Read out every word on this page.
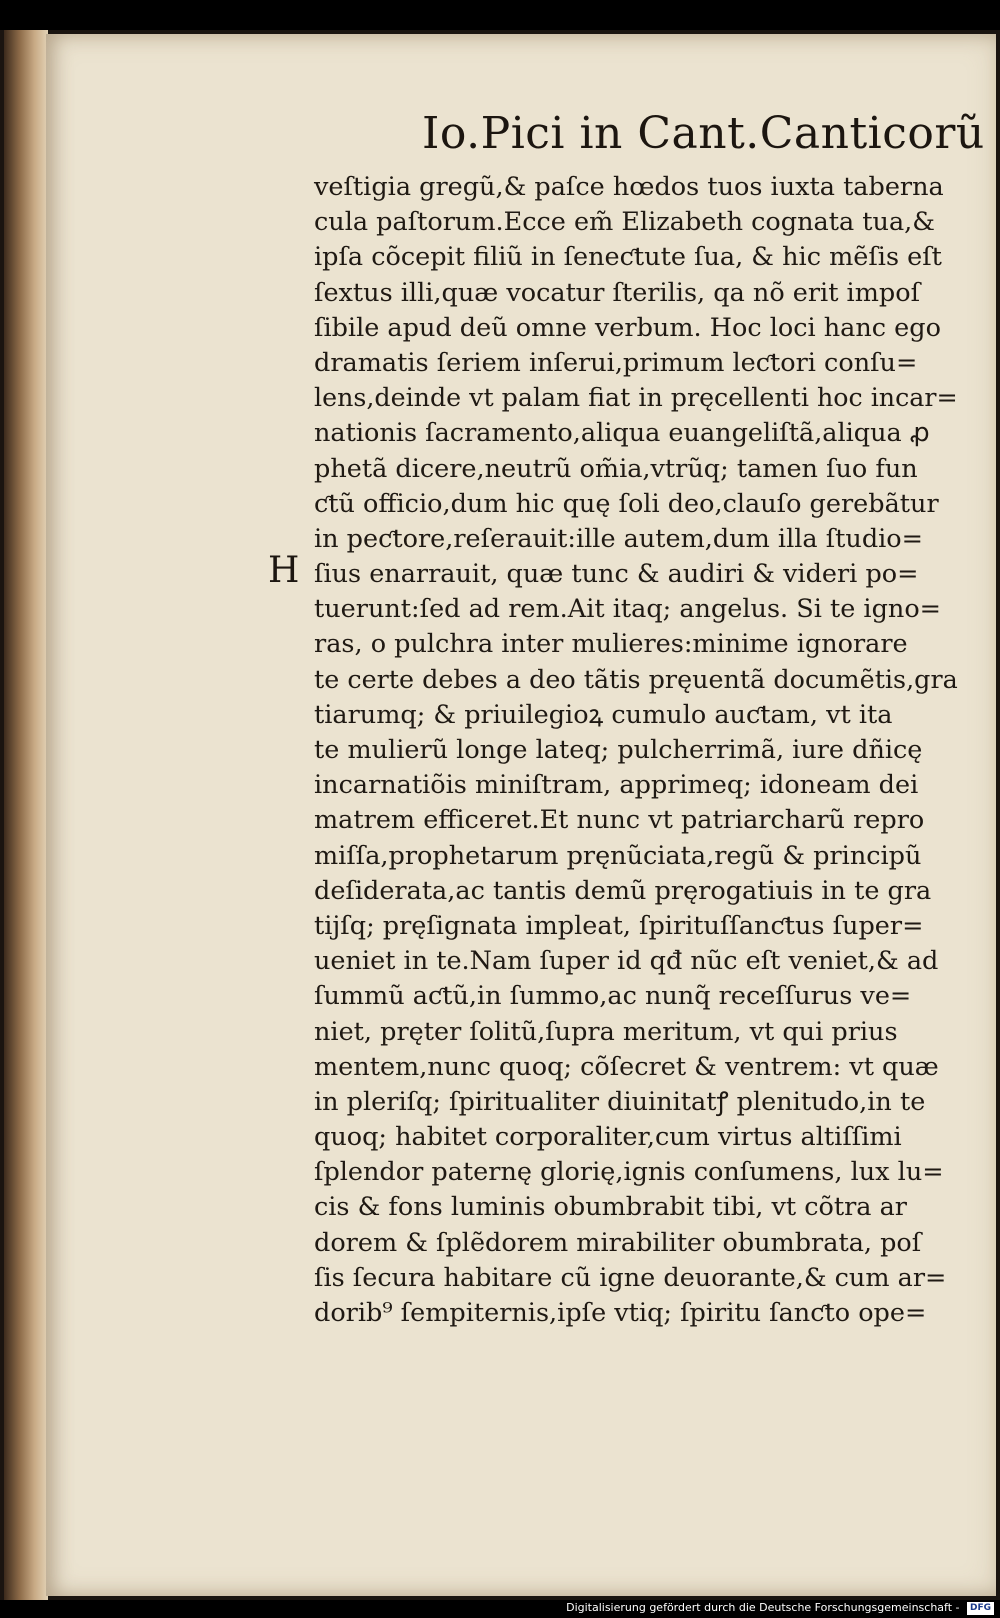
Io.Pici in Cant.Canticorũ
H
veſtigia gregũ,& paſce hœdos tuos iuxta taberna
cula paſtorum.Ecce em̃ Elizabeth cognata tua,&
ipſa cõcepit filiũ in ſeneƈtute ſua, & hic mẽſis eſt
ſextus illi,quæ vocatur ſterilis, qa nõ erit impoſ
ſibile apud deũ omne verbum. Hoc loci hanc ego
dramatis ſeriem inſerui,primum leƈtori conſu=
lens,deinde vt palam fiat in pręcellenti hoc incar=
nationis ſacramento,aliqua euangeliſtã,aliqua ꝓ
phetã dicere,neutrũ om̃ia,vtrũq; tamen ſuo fun
ƈtũ officio,dum hic quę ſoli deo,clauſo gerebãtur
in peƈtore,reſerauit:ille autem,dum illa ſtudio=
ſius enarrauit, quæ tunc & audiri & videri po=
tuerunt:ſed ad rem.Ait itaq; angelus. Si te igno=
ras, o pulchra inter mulieres:minime ignorare
te certe debes a deo tãtis pręuentã documẽtis,gra
tiarumq; & priuilegioꝝ cumulo auƈtam, vt ita
te mulierũ longe lateq; pulcherrimã, iure dñicę
incarnatiõis miniſtram, apprimeq; idoneam dei
matrem efficeret.Et nunc vt patriarcharũ repro
miſſa,prophetarum pręnũciata,regũ & principũ
deſiderata,ac tantis demũ pręrogatiuis in te gra
tijſq; pręſignata impleat, ſpirituſſanƈtus ſuper=
ueniet in te.Nam ſuper id qđ nũc eſt veniet,& ad
ſummũ aƈtũ,in ſummo,ac nunq̃ receſſurus ve=
niet, pręter ſolitũ,ſupra meritum, vt qui prius
mentem,nunc quoq; cõſecret & ventrem: vt quæ
in pleriſq; ſpiritualiter diuinitatꝭ plenitudo,in te
quoq; habitet corporaliter,cum virtus altiſſimi
ſplendor paternę glorię,ignis conſumens, lux lu=
cis & fons luminis obumbrabit tibi, vt cõtra ar
dorem & ſplẽdorem mirabiliter obumbrata, poſ
ſis ſecura habitare cũ igne deuorante,& cum ar=
dorib⁹ ſempiternis,ipſe vtiq; ſpiritu ſanƈto ope=
Digitalisierung gefördert durch die Deutsche Forschungsgemeinschaft - DFG
